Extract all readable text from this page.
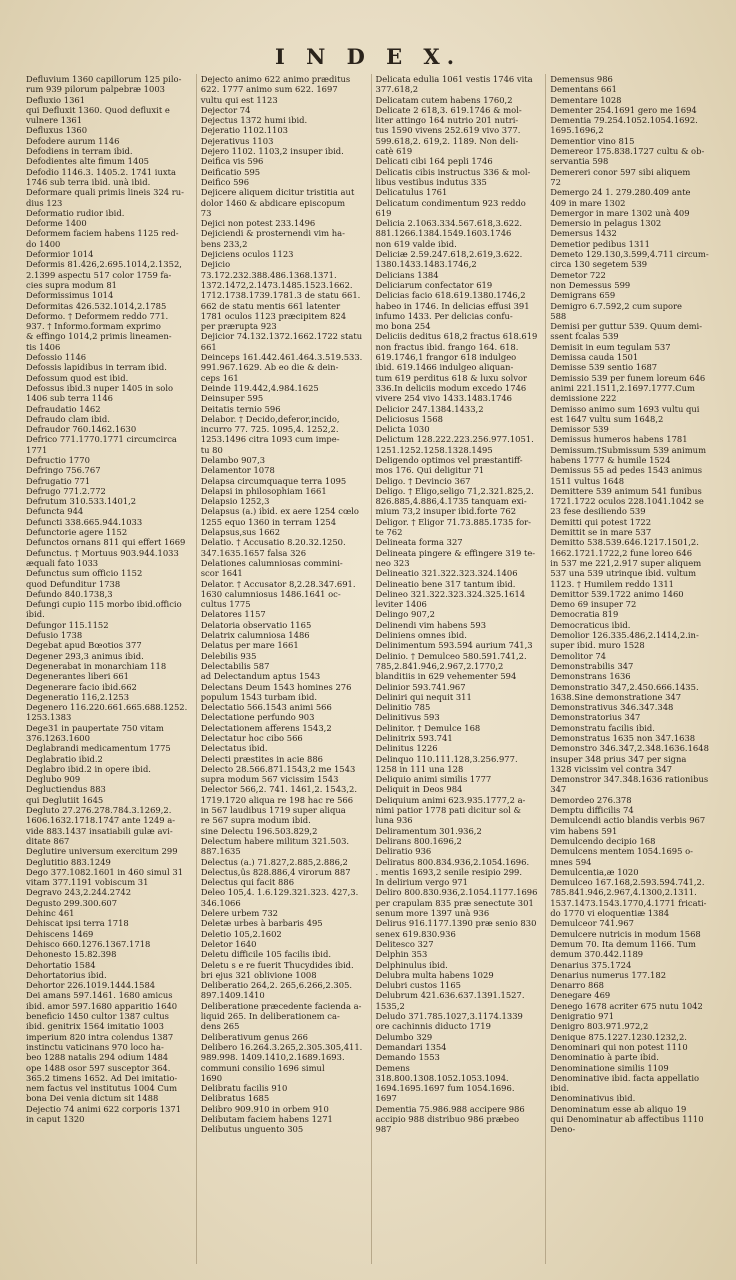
I N D E X.
Defluvium 1360 capillorum 125 pilo-
rum 939 pilorum palpebræ 1003
Defluxio 1361
qui Defluxit 1360. Quod defluxit e
vulnere 1361
Defluxus 1360
Defodere aurum 1146
Defodiens in terram ibid.
Defodientes alte fimum 1405
Defodio 1146.3. 1405.2. 1741 iuxta
1746 sub terra ibid. unà ibid.
Deformare quali primis lineis 324 ru-
dius 123
Deformatio rudior ibid.
Deforme 1400
Deformem faciem habens 1125 red-
do 1400
Deformior 1014
Deformis 81.426,2.695.1014,2.1352,
2.1399 aspectu 517 color 1759 fa-
cies supra modum 81
Deformissimus 1014
Deformitas 426.532.1014,2.1785
Deformo. † Deformem reddo 771.
937. † Informo.formam exprimo
& effingo 1014,2 primis lineamen-
tis 1406
Defossio 1146
Defossis lapidibus in terram ibid.
Defossum quod est ibid.
Defossus ibid.3 nuper 1405 in solo
1406 sub terra 1146
Defraudatio 1462
Defraudo clam ibid.
Defraudor 760.1462.1630
Defrico 771.1770.1771 circumcirca
1771
Defructio 1770
Defringo 756.767
Defrugatio 771
Defrugo 771.2.772
Defrutum 310.533.1401,2
Defuncta 944
Defuncti 338.665.944.1033
Defunctorie agere 1152
Defunctos ornans 811 qui effert 1669
Defunctus. † Mortuus 903.944.1033
æquali fato 1033
Defunctus sum officio 1152
quod Defunditur 1738
Defundo 840.1738,3
Defungi cupio 115 morbo ibid.officio
ibid.
Defungor 115.1152
Defusio 1738
Degebat apud Bœotios 377
Degener 293,3 animus ibid.
Degenerabat in monarchiam 118
Degenerantes liberi 661
Degenerare facio ibid.662
Degeneratio 116,2.1253
Degenero 116.220.661.665.688.1252.
1253.1383
Dege31 in paupertate 750 vitam
376.1263.1600
Deglabrandi medicamentum 1775
Deglabratio ibid.2
Deglabro ibid.2 in opere ibid.
Deglubo 909
Degluctiendus 883
qui Deglutiit 1645
Degluto 27.276.278.784.3.1269,2.
1606.1632.1718.1747 ante 1249 a-
vide 883.1437 insatiabili gulæ avi-
ditate 867
Deglutire universum exercitum 299
Deglutitio 883.1249
Dego 377.1082.1601 in 460 simul 31
vitam 377.1191 vobiscum 31
Degravo 243,2.244.2742
Degusto 299.300.607
Dehinc 461
Dehiscat ipsi terra 1718
Dehiscens 1469
Dehisco 660.1276.1367.1718
Dehonesto 15.82.398
Dehortatio 1584
Dehortatorius ibid.
Dehortor 226.1019.1444.1584
Dei amans 597.1461. 1680 amicus
ibid. amor 597.1680 apparitio 1640
beneficio 1450 cultor 1387 cultus
ibid. genitrix 1564 imitatio 1003
imperium 820 intra colendus 1387
instinctu vaticinans 970 loco ha-
beo 1288 natalis 294 odium 1484
ope 1488 osor 597 susceptor 364.
365.2 timens 1652. Ad Dei imitatio-
nem factus vel institutus 1004 Cum
bona Dei venia dictum sit 1488
Dejectio 74 animi 622 corporis 1371
in caput 1320
Dejecto animo 622 animo præditus
622. 1777 animo sum 622. 1697
vultu qui est 1123
Dejector 74
Dejectus 1372 humi ibid.
Dejeratio 1102.1103
Dejerativus 1103
Dejero 1102. 1103,2 insuper ibid.
Deifica vis 596
Deificatio 595
Deifico 596
Dejicere aliquem dicitur tristitia aut
dolor 1460 & abdicare episcopum
73
Dejici non potest 233.1496
Dejiciendi & prosternendi vim ha-
bens 233,2
Dejiciens oculos 1123
Dejicio 73.172.232.388.486.1368.1371.
1372.1472,2.1473.1485.1523.1662.
1712.1738.1739.1781.3 de statu 661.
662 de statu mentis 661 latenter
1781 oculos 1123 præcipitem 824
per præruptа 923
Dejicior 74.132.1372.1662.1722 statu
661
Deinceps 161.442.461.464.3.519.533.
991.967.1629. Ab eo die & dein-
ceps 161
Deinde 119.442,4.984.1625
Deinsuper 595
Deitatis ternio 596
Delabor. † Decido,deferor,incido,
incurro 77. 725. 1095,4. 1252,2.
1253.1496 citra 1093 cum impe-
tu 80
Delambo 907,3
Delamentor 1078
Delapsa circumquaque terra 1095
Delapsi in philosophiam 1661
Delapsio 1252,3
Delapsus (a.) ibid. ex aere 1254 cœlo
1255 equo 1360 in terram 1254
Delapsus,sus 1662
Delatio. † Accusatio 8.20.32.1250.
347.1635.1657 falsa 326
Delationes calumniosas commini-
scor 1641
Delator. † Accusator 8,2.28.347.691.
1630 calumniosus 1486.1641 oc-
cultus 1775
Delatores 1157
Delatoria observatio 1165
Delatrix calumniosa 1486
Delatus per mare 1661
Delebilis 935
Delectabilis 587
ad Delectandum aptus 1543
Delectans Deum 1543 homines 276
populum 1543 turbam ibid.
Delectatio 566.1543 animi 566
Delectatione perfundo 903
Delectationem afferens 1543,2
Delectatur hoc cibo 566
Delectatus ibid.
Delecti præstites in acie 886
Delecto 28.566.871.1543,2 me 1543
supra modum 567 vicissim 1543
Delector 566,2. 741. 1461,2. 1543,2.
1719.1720 aliqua re 198 hac re 566
in 567 laudibus 1719 super aliqua
re 567 supra modum ibid.
sine Delectu 196.503.829,2
Delectum habere militum 321.503.
887.1635
Delectus (a.) 71.827,2.885,2.886,2
Delectus,ûs 828.886,4 virorum 887
Delectus qui facit 886
Deleo 105,4. 1.6.129.321.323. 427,3.
346.1066
Delere urbem 732
Deletæ urbes à barbaris 495
Deletio 105,2.1602
Deletor 1640
Deletu difficile 105 facilis ibid.
Deletu s e re fuerit Thucydides ibid.
bri ejus 321 oblivione 1008
Deliberatio 264,2. 265,6.266,2.305.
897.1409.1410
Deliberatione præcedente facienda a-
liquid 265. In deliberationem ca-
dens 265
Deliberativum genus 266
Delibero 16.264.3.265,2.305.305,411.
989.998. 1409.1410,2.1689.1693.
communi consilio 1696 simul
1690
Delibratu facilis 910
Delibratus 1685
Delibro 909.910 in orbem 910
Delibutam faciem habens 1271
Delibutus unguento 305
Delicata edulia 1061 vestis 1746 vita
377.618,2
Delicatam cutem habens 1760,2
Delicate 2 618,3. 619.1746 & mol-
liter attingo 164 nutrio 201 nutri-
tus 1590 vivens 252.619 vivo 377.
599.618,2. 619,2. 1189. Non deli-
catè 619
Delicati cibi 164 pepli 1746
Delicatis cibis instructus 336 & mol-
libus vestibus indutus 335
Delicatulus 1761
Delicatum condimentum 923 reddo
619
Delicia 2.1063.334.567.618,3.622.
881.1266.1384.1549.1603.1746
non 619 valde ibid.
Deliciæ 2.59.247.618,2.619,3.622.
1380.1433.1483.1746,2
Delicians 1384
Deliciarum confectator 619
Delicias facio 618.619.1380.1746,2
habeo in 1746. In delicias effusi 391
infumo 1433. Per delicias confu-
mo bona 254
Deliciis deditus 618,2 fractus 618.619
non fractus ibid. frango 164. 618.
619.1746,1 frangor 618 indulgeo
ibid. 619.1466 indulgeo aliquan-
tum 619 perditus 618 & luxu solvor
336.In deliciis modum excedo 1746
vivere 254 vivo 1433.1483.1746
Delicior 247.1384.1433,2
Deliciosus 1568
Delicta 1030
Delictum 128.222.223.256.977.1051.
1251.1252.1258.1328.1495
Deligendo optimos vel præstantiff-
mos 176. Qui deligitur 71
Deligo. † Devincio 367
Deligo. † Eligo,seligo 71,2.321.825,2.
826.885,4.886,4.1735 tanquam exi-
mium 73,2 insuper ibid.forte 762
Deligor. † Eligor 71.73.885.1735 for-
te 762
Delineata forma 327
Delineata pingere & effingere 319 te-
neo 323
Delineatio 321.322.323.324.1406
Delineatio bene 317 tantum ibid.
Delineo 321.322.323.324.325.1614
leviter 1406
Delingo 907,2
Delinendi vim habens 593
Deliniens omnes ibid.
Delinimentum 593.594 aurium 741,3
Delinio. † Demulceo 580.591.741,2.
785,2.841.946,2.967,2.1770,2
blanditiis in 629 vehementer 594
Delinior 593.741.967
Deliniri qui nequit 311
Delinitio 785
Delinitivus 593
Delinitor. † Demulce 168
Delinitrix 593.741
Delinitus 1226
Delinquo 110.111.128,3.256.977.
1258 in 111 una 128
Deliquio animi similis 1777
Deliquit in Deos 984
Deliquium animi 623.935.1777,2 a-
nimi patior 1778 pati dicitur sol &
luna 936
Deliramentum 301.936,2
Delirans 800.1696,2
Deliratio 936
Deliratus 800.834.936,2.1054.1696.
. mentis 1693,2 senile resipio 299.
In delirium vergo 971
Deliro 800.830.936,2.1054.1177.1696
per crapulam 835 præ senectute 301
senum more 1397 unà 936
Delirus 916.1177.1390 præ senio 830
senex 619.830.936
Delitesco 327
Delphin 353
Delphinulus ibid.
Delubra multa habens 1029
Delubri custos 1165
Delubrum 421.636.637.1391.1527.
1535,2
Deludo 371.785.1027,3.1174.1339
ore cachinnis diducto 1719
Delumbo 329
Demandari 1354
Demando 1553
Demens 318.800.1308.1052.1053.1094.
1694.1695.1697 fum 1054.1696.
1697
Dementia 75.986.988 accipere 986
accipio 988 distribuo 986 præbeo
987
Demensus 986
Dementans 661
Dementare 1028
Dementer 254.1691 gero me 1694
Dementia 79.254.1052.1054.1692.
1695.1696,2
Dementior vino 815
Demereor 175.838.1727 cultu & ob-
servantia 598
Demereri conor 597 sibi aliquem
72
Demergo 24 1. 279.280.409 ante
409 in mare 1302
Demergor in mare 1302 unà 409
Demersio in pelagus 1302
Demersus 1432
Demetior pedibus 1311
Demeto 129.130,3.599,4.711 circum-
circa 130 segetem 539
Demetor 722
non Demessus 599
Demigrans 659
Demigro 6.7.592,2 cum supore
588
Demisi per guttur 539. Quum demi-
ssent fcalas 539
Demisit in eum tegulam 537
Demissa cauda 1501
Demisse 539 sentio 1687
Demissio 539 per funem loreum 646
animi 221.1511,2.1697.1777.Cum
demissione 222
Demisso animo sum 1693 vultu qui
est 1647 vultu sum 1648,2
Demissor 539
Demissus humeros habens 1781
Demissum.†Submissum 539 animum
habens 1777 & humile 1524
Demissus 55 ad pedes 1543 animus
1511 vultus 1648
Demittere 539 animum 541 funibus
1721.1722 oculos 228.1041.1042 se
23 fese desiliendo 539
Demitti qui potest 1722
Demittit se in mare 537
Demitto 538.539.646.1217.1501,2.
1662.1721.1722,2 fune loreo 646
in 537 me 221,2.917 super aliquem
537 una 539 utrinque ibid. vultum
1123. † Humilem reddo 1311
Demittor 539.1722 animo 1460
Demo 69 insuper 72
Democratia 819
Democraticus ibid.
Demolior 126.335.486,2.1414,2.in-
super ibid. muro 1528
Demolitor 74
Demonstrabilis 347
Demonstrans 1636
Demonstratio 347,2.450.666.1435.
1638.Sine demonstratione 347
Demonstrativus 346.347.348
Demonstratorius 347
Demonstratu facilis ibid.
Demonstratus 1635 non 347.1638
Demonstro 346.347,2.348.1636.1648
insuper 348 prius 347 per signa
1328 vicissim vel contra 347
Demonstror 347.348.1636 rationibus
347
Demordeo 276.378
Demptu difficilis 74
Demulcendi actio blandis verbis 967
vim habens 591
Demulcendo decipio 168
Demulcens mentem 1054.1695 o-
mnes 594
Demulcentia,æ 1020
Demulceo 167.168,2.593.594.741,2.
785.841.946,2.967,4.1300,2.1311.
1537.1473.1543.1770,4.1771 fricati-
do 1770 vi eloquentiæ 1384
Demulceor 741.967
Demulcere nutricis in modum 1568
Demum 70. Ita demum 1166. Tum
demum 370.442.1189
Denarius 375.1724
Denarius numerus 177.182
Denarro 868
Denegare 469
Denego 1678 acriter 675 nutu 1042
Denigratio 971
Denigro 803.971.972,2
Denique 875.1227.1230.1232,2.
Denominari qui non potest 1110
Denominatio à parte ibid.
Denominatione similis 1109
Denominative ibid. facta appellatio
ibid.
Denominativus ibid.
Denominatum esse ab aliquo 19
qui Denominatur ab affectibus 1110
Deno-
